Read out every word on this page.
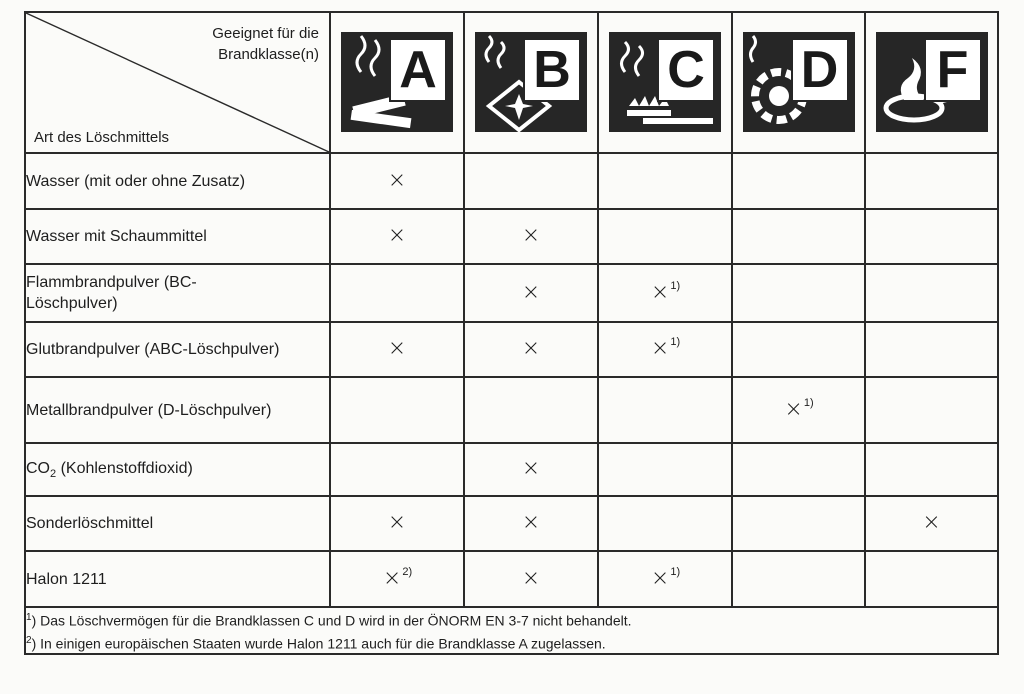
Geeignet für die
Brandklasse(n)
Art des Löschmittels	A	B	C	D	F

Wasser (mit oder ohne Zusatz)	×				
Wasser mit Schaummittel	×	×			

Flammbrandpulver (BC-
Löschpulver)		×	×$^{1)}$		
Glutbrandpulver (ABC-Löschpulver)	×	×	×$^{1)}$		
Metallbrandpulver (D-Löschpulver)				×$^{1)}$	
$CO_2$ (Kohlenstoffdioxid)		×			
Sonderlöschmittel	×	×			×
Halon 1211	×$^{2)}$	×	×$^{1)}$		

$^1$) Das Löschvermögen für die Brandklassen C und D wird in der ÖNORM EN 3-7 nicht behandelt.
$^2$) In einigen europäischen Staaten wurde Halon 1211 auch für die Brandklasse A zugelassen.					
